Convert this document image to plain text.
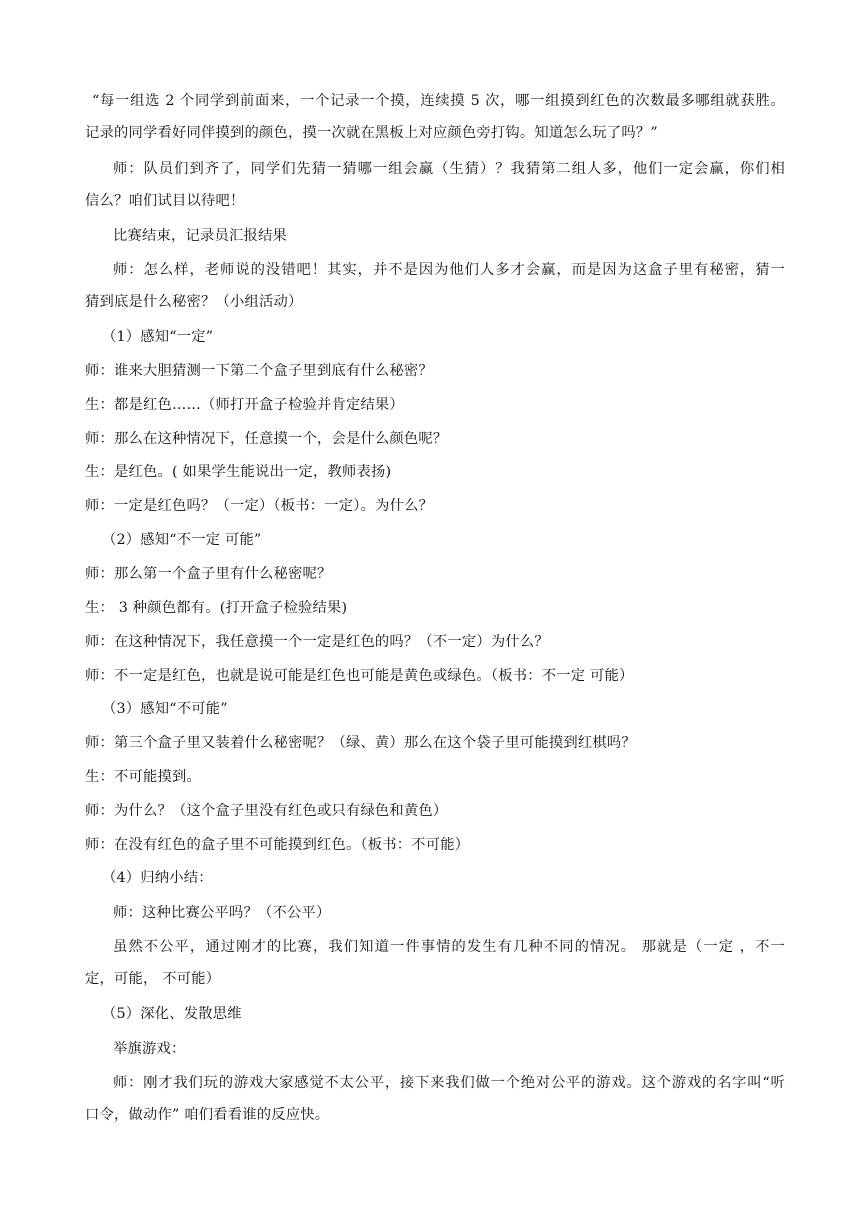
“每一组选 2 个同学到前面来，一个记录一个摸，连续摸 5 次，哪一组摸到红色的次数最多哪组就获胜。
记录的同学看好同伴摸到的颜色，摸一次就在黑板上对应颜色旁打钩。知道怎么玩了吗？”
师：队员们到齐了，同学们先猜一猜哪一组会赢（生猜）？我猜第二组人多，他们一定会赢，你们相
信么？咱们试目以待吧！
比赛结束，记录员汇报结果
师：怎么样，老师说的没错吧！其实，并不是因为他们人多才会赢，而是因为这盒子里有秘密，猜一
猜到底是什么秘密？（小组活动）
（1）感知“一定”
师：谁来大胆猜测一下第二个盒子里到底有什么秘密？
生：都是红色……（师打开盒子检验并肯定结果）
师：那么在这种情况下，任意摸一个，会是什么颜色呢？
生：是红色。( 如果学生能说出一定，教师表扬)
师：一定是红色吗？（一定）（板书：一定）。为什么？
（2）感知“不一定 可能”
师：那么第一个盒子里有什么秘密呢？
生： 3 种颜色都有。(打开盒子检验结果)
师：在这种情况下，我任意摸一个一定是红色的吗？（不一定）为什么？
师：不一定是红色，也就是说可能是红色也可能是黄色或绿色。（板书：不一定 可能）
（3）感知“不可能”
师：第三个盒子里又装着什么秘密呢？（绿、黄）那么在这个袋子里可能摸到红棋吗？
生：不可能摸到。
师：为什么？（这个盒子里没有红色或只有绿色和黄色）
师：在没有红色的盒子里不可能摸到红色。（板书：不可能）
（4）归纳小结：
师：这种比赛公平吗？（不公平）
虽然不公平，通过刚才的比赛，我们知道一件事情的发生有几种不同的情况。 那就是（一定 ，不一
定，可能， 不可能）
（5）深化、发散思维
举旗游戏：
师：刚才我们玩的游戏大家感觉不太公平，接下来我们做一个绝对公平的游戏。这个游戏的名字叫“听
口令，做动作” 咱们看看谁的反应快。
